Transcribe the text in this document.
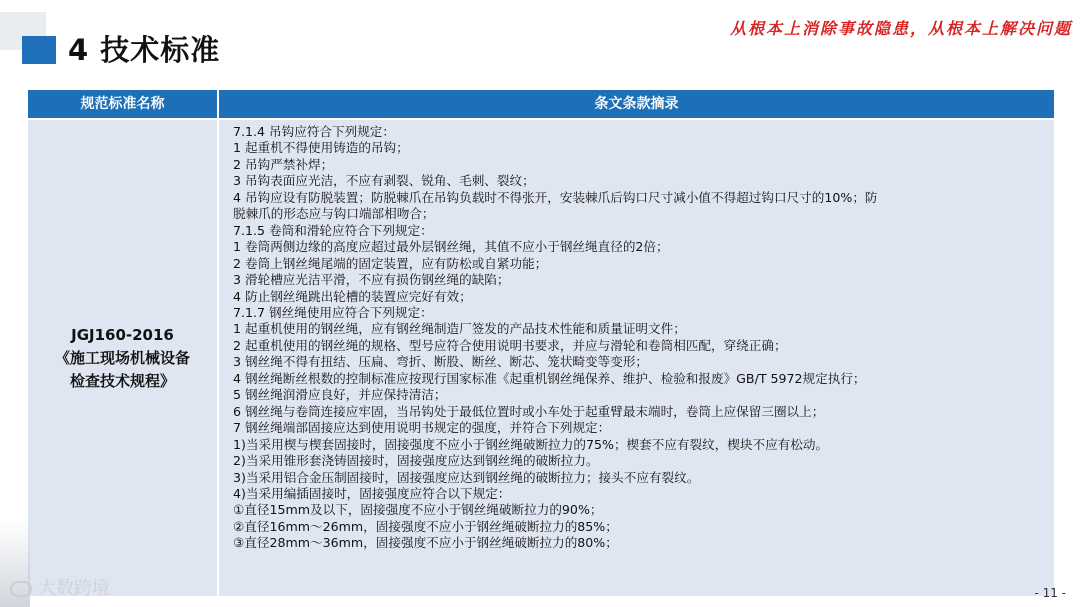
4 技术标准
从根本上消除事故隐患，从根本上解决问题
规范标准名称	条文条款摘录
JGJ160-2016
《施工现场机械设备
检查技术规程》
7.1.4 吊钩应符合下列规定：
1 起重机不得使用铸造的吊钩；
2 吊钩严禁补焊；
3 吊钩表面应光洁，不应有剥裂、锐角、毛刺、裂纹；
4 吊钩应设有防脱装置；防脱棘爪在吊钩负载时不得张开，安装棘爪后钩口尺寸减小值不得超过钩口尺寸的10%；防
脱棘爪的形态应与钩口端部相吻合；
7.1.5 卷筒和滑轮应符合下列规定：
1 卷筒两侧边缘的高度应超过最外层钢丝绳，其值不应小于钢丝绳直径的2倍；
2 卷筒上钢丝绳尾端的固定装置，应有防松或自紧功能；
3 滑轮槽应光洁平滑，不应有损伤钢丝绳的缺陷；
4 防止钢丝绳跳出轮槽的装置应完好有效；
7.1.7 钢丝绳使用应符合下列规定：
1 起重机使用的钢丝绳，应有钢丝绳制造厂签发的产品技术性能和质量证明文件；
2 起重机使用的钢丝绳的规格、型号应符合使用说明书要求，并应与滑轮和卷筒相匹配，穿绕正确；
3 钢丝绳不得有扭结、压扁、弯折、断股、断丝、断芯、笼状畸变等变形；
4 钢丝绳断丝根数的控制标准应按现行国家标准《起重机钢丝绳保养、维护、检验和报废》GB/T 5972规定执行；
5 钢丝绳润滑应良好，并应保持清洁；
6 钢丝绳与卷筒连接应牢固，当吊钩处于最低位置时或小车处于起重臂最末端时，卷筒上应保留三圈以上；
7 钢丝绳端部固接应达到使用说明书规定的强度，并符合下列规定：
1)当采用楔与楔套固接时，固接强度不应小于钢丝绳破断拉力的75%；楔套不应有裂纹，楔块不应有松动。
2)当采用锥形套浇铸固接时，固接强度应达到钢丝绳的破断拉力。
3)当采用铝合金压制固接时，固接强度应达到钢丝绳的破断拉力；接头不应有裂纹。
4)当采用编插固接时，固接强度应符合以下规定：
①直径15mm及以下，固接强度不应小于钢丝绳破断拉力的90%；
②直径16mm～26mm，固接强度不应小于钢丝绳破断拉力的85%；
③直径28mm～36mm，固接强度不应小于钢丝绳破断拉力的80%；
大数跨境	- 11 -
